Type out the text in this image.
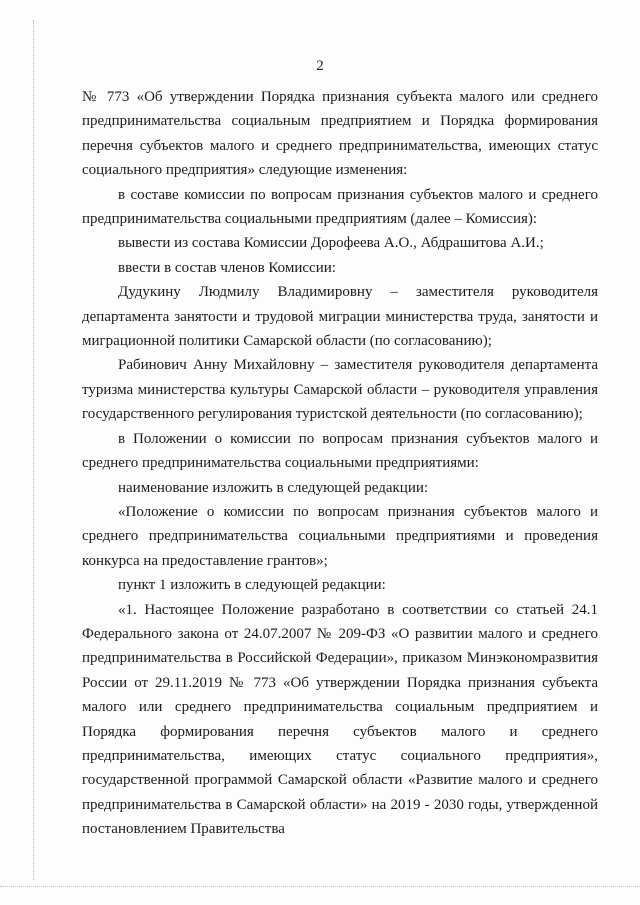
2

№ 773 «Об утверждении Порядка признания субъекта малого или среднего предпринимательства социальным предприятием и Порядка формирования перечня субъектов малого и среднего предпринимательства, имеющих статус социального предприятия» следующие изменения:

в составе комиссии по вопросам признания субъектов малого и среднего предпринимательства социальными предприятиям (далее – Комиссия):

вывести из состава Комиссии Дорофеева А.О., Абдрашитова А.И.;

ввести в состав членов Комиссии:

Дудукину Людмилу Владимировну – заместителя руководителя департамента занятости и трудовой миграции министерства труда, занятости и миграционной политики Самарской области (по согласованию);

Рабинович Анну Михайловну – заместителя руководителя департамента туризма министерства культуры Самарской области – руководителя управления государственного регулирования туристской деятельности (по согласованию);

в Положении о комиссии по вопросам признания субъектов малого и среднего предпринимательства социальными предприятиями:

наименование изложить в следующей редакции:

«Положение о комиссии по вопросам признания субъектов малого и среднего предпринимательства социальными предприятиями и проведения конкурса на предоставление грантов»;

пункт 1 изложить в следующей редакции:

«1. Настоящее Положение разработано в соответствии со статьей 24.1 Федерального закона от 24.07.2007 № 209-ФЗ «О развитии малого и среднего предпринимательства в Российской Федерации», приказом Минэкономразвития России от 29.11.2019 № 773 «Об утверждении Порядка признания субъекта малого или среднего предпринимательства социальным предприятием и Порядка формирования перечня субъектов малого и среднего предпринимательства, имеющих статус социального предприятия», государственной программой Самарской области «Развитие малого и среднего предпринимательства в Самарской области» на 2019 - 2030 годы, утвержденной постановлением Правительства
